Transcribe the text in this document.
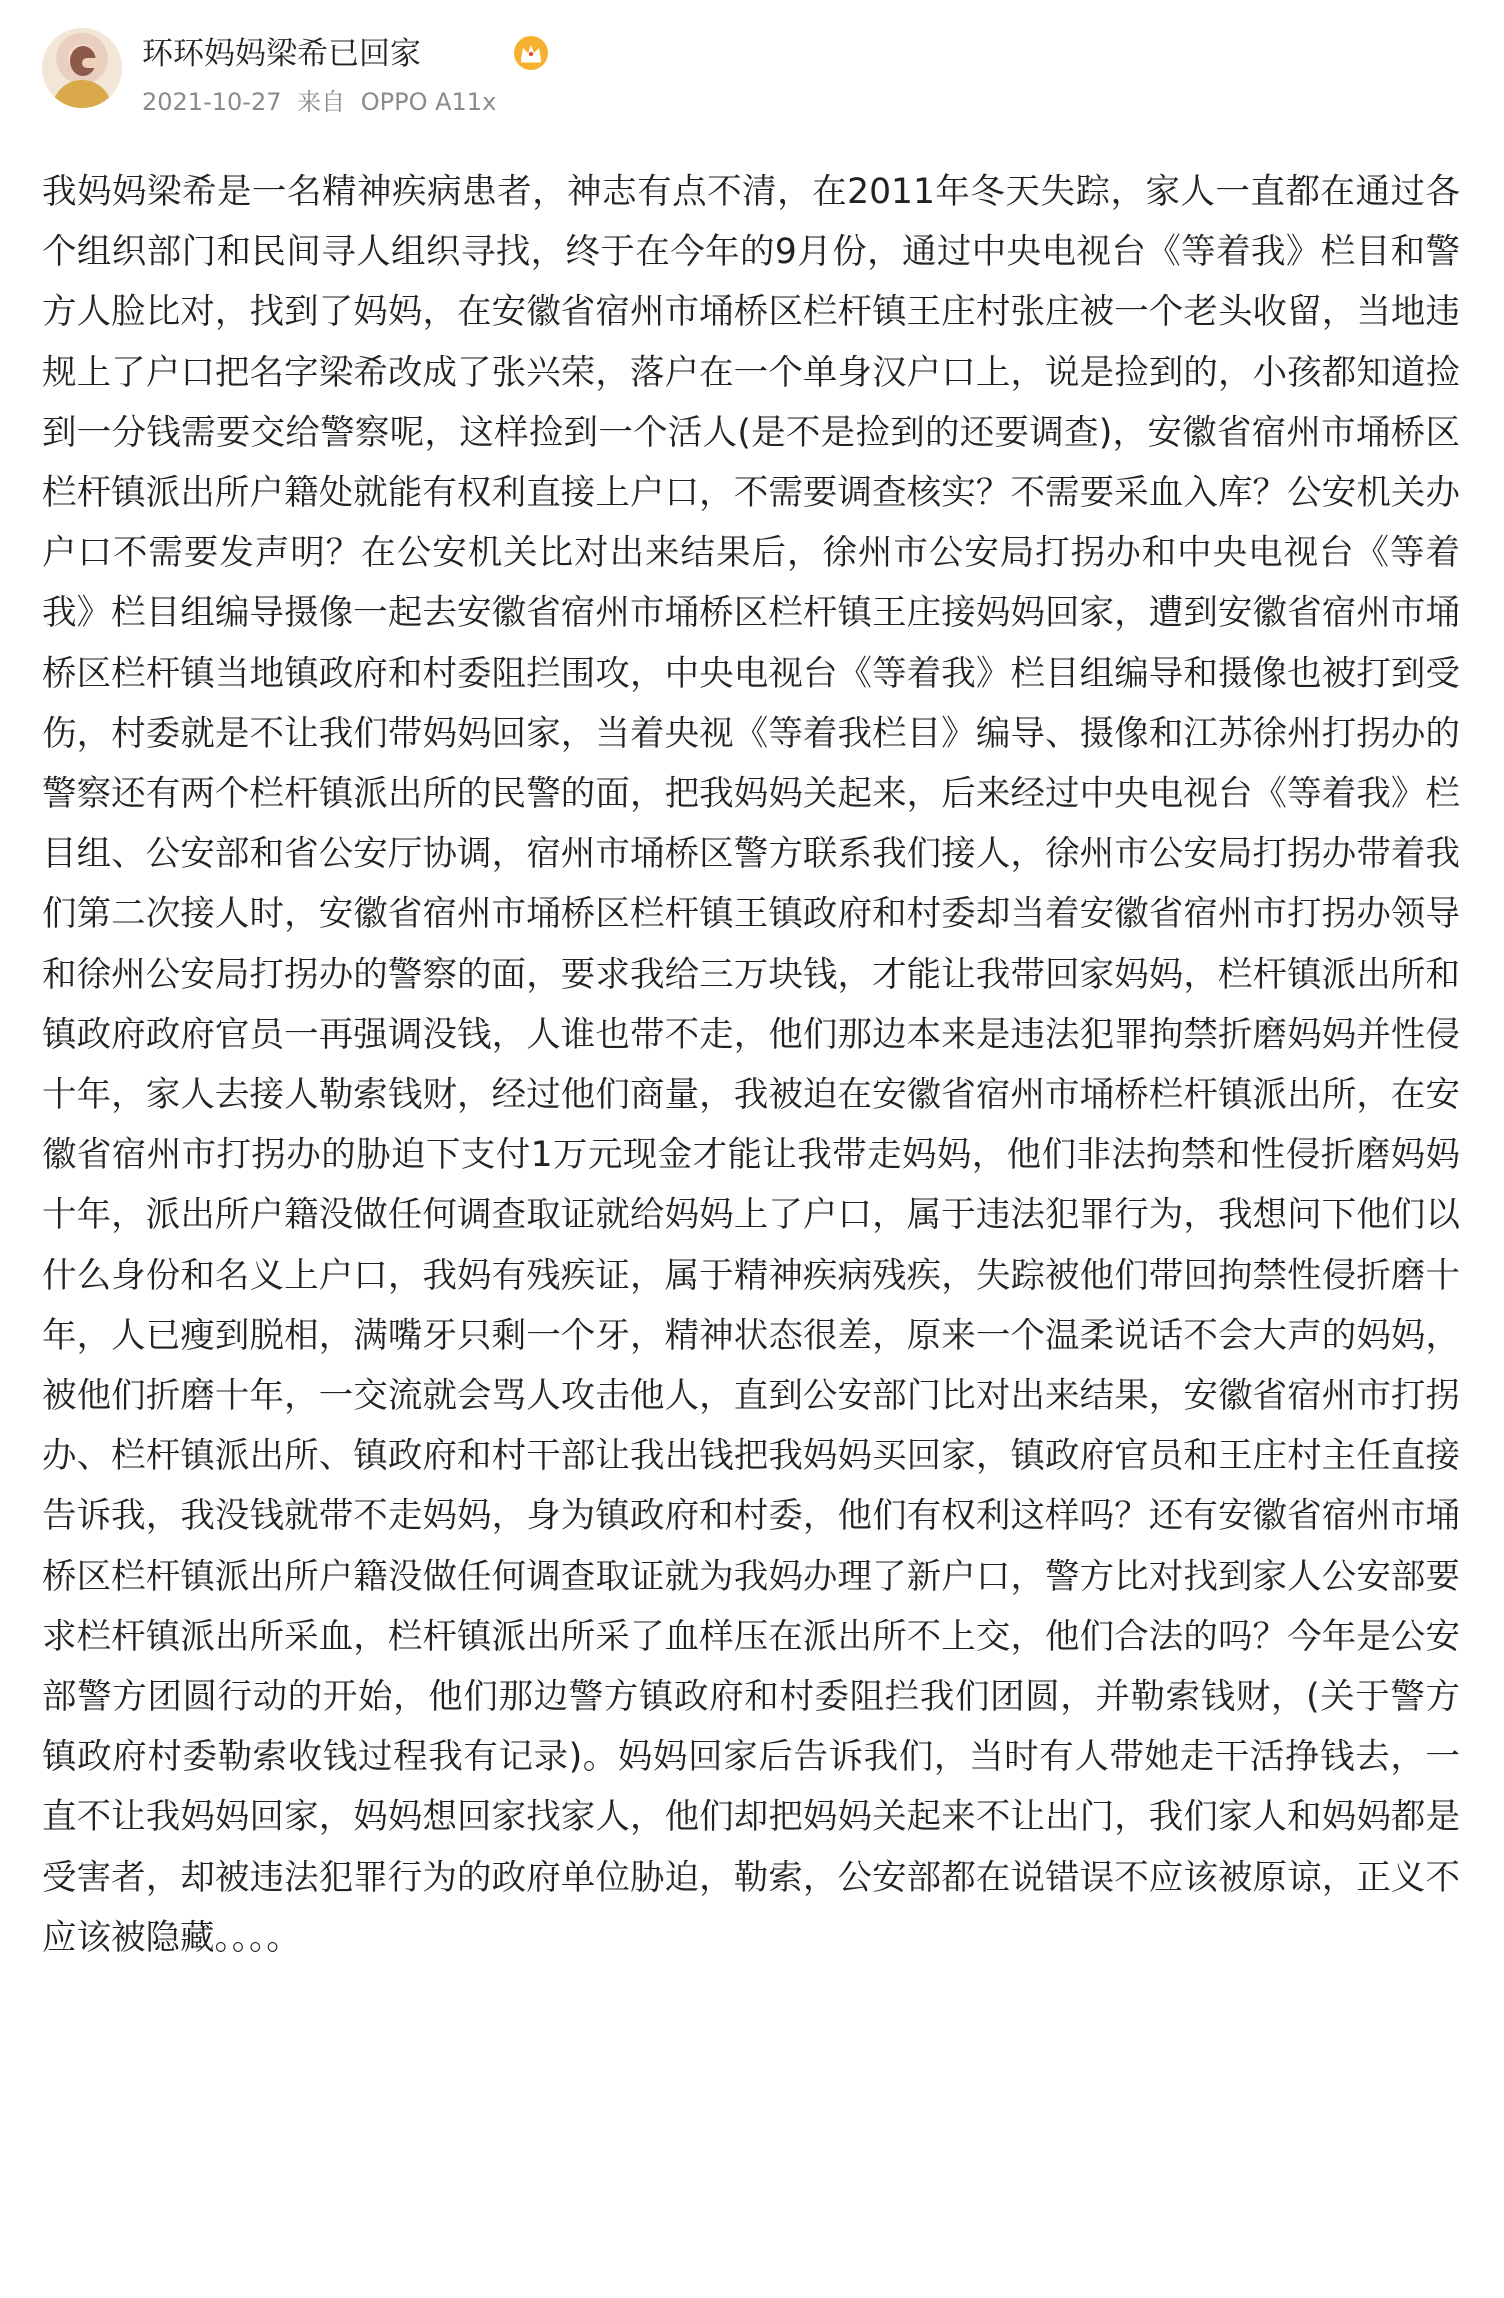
环环妈妈梁希已回家
2021-10-27 来自 OPPO A11x
我妈妈梁希是一名精神疾病患者，神志有点不清，在2011年冬天失踪，家人一直都在通过各个组织部门和民间寻人组织寻找，终于在今年的9月份，通过中央电视台《等着我》栏目和警方人脸比对，找到了妈妈，在安徽省宿州市埇桥区栏杆镇王庄村张庄被一个老头收留，当地违规上了户口把名字梁希改成了张兴荣，落户在一个单身汉户口上，说是捡到的，小孩都知道捡到一分钱需要交给警察呢，这样捡到一个活人(是不是捡到的还要调查)，安徽省宿州市埇桥区栏杆镇派出所户籍处就能有权利直接上户口，不需要调查核实？不需要采血入库？公安机关办户口不需要发声明？在公安机关比对出来结果后，徐州市公安局打拐办和中央电视台《等着我》栏目组编导摄像一起去安徽省宿州市埇桥区栏杆镇王庄接妈妈回家，遭到安徽省宿州市埇桥区栏杆镇当地镇政府和村委阻拦围攻，中央电视台《等着我》栏目组编导和摄像也被打到受伤，村委就是不让我们带妈妈回家，当着央视《等着我栏目》编导、摄像和江苏徐州打拐办的警察还有两个栏杆镇派出所的民警的面，把我妈妈关起来，后来经过中央电视台《等着我》栏目组、公安部和省公安厅协调，宿州市埇桥区警方联系我们接人，徐州市公安局打拐办带着我们第二次接人时，安徽省宿州市埇桥区栏杆镇王镇政府和村委却当着安徽省宿州市打拐办领导和徐州公安局打拐办的警察的面，要求我给三万块钱，才能让我带回家妈妈，栏杆镇派出所和镇政府政府官员一再强调没钱，人谁也带不走，他们那边本来是违法犯罪拘禁折磨妈妈并性侵十年，家人去接人勒索钱财，经过他们商量，我被迫在安徽省宿州市埇桥栏杆镇派出所，在安徽省宿州市打拐办的胁迫下支付1万元现金才能让我带走妈妈，他们非法拘禁和性侵折磨妈妈十年，派出所户籍没做任何调查取证就给妈妈上了户口，属于违法犯罪行为，我想问下他们以什么身份和名义上户口，我妈有残疾证，属于精神疾病残疾，失踪被他们带回拘禁性侵折磨十年，人已瘦到脱相，满嘴牙只剩一个牙，精神状态很差，原来一个温柔说话不会大声的妈妈，被他们折磨十年，一交流就会骂人攻击他人，直到公安部门比对出来结果，安徽省宿州市打拐办、栏杆镇派出所、镇政府和村干部让我出钱把我妈妈买回家，镇政府官员和王庄村主任直接告诉我，我没钱就带不走妈妈，身为镇政府和村委，他们有权利这样吗？还有安徽省宿州市埇桥区栏杆镇派出所户籍没做任何调查取证就为我妈办理了新户口，警方比对找到家人公安部要求栏杆镇派出所采血，栏杆镇派出所采了血样压在派出所不上交，他们合法的吗？今年是公安部警方团圆行动的开始，他们那边警方镇政府和村委阻拦我们团圆，并勒索钱财，(关于警方镇政府村委勒索收钱过程我有记录)。妈妈回家后告诉我们，当时有人带她走干活挣钱去，一直不让我妈妈回家，妈妈想回家找家人，他们却把妈妈关起来不让出门，我们家人和妈妈都是受害者，却被违法犯罪行为的政府单位胁迫，勒索，公安部都在说错误不应该被原谅，正义不应该被隐藏。。。。
